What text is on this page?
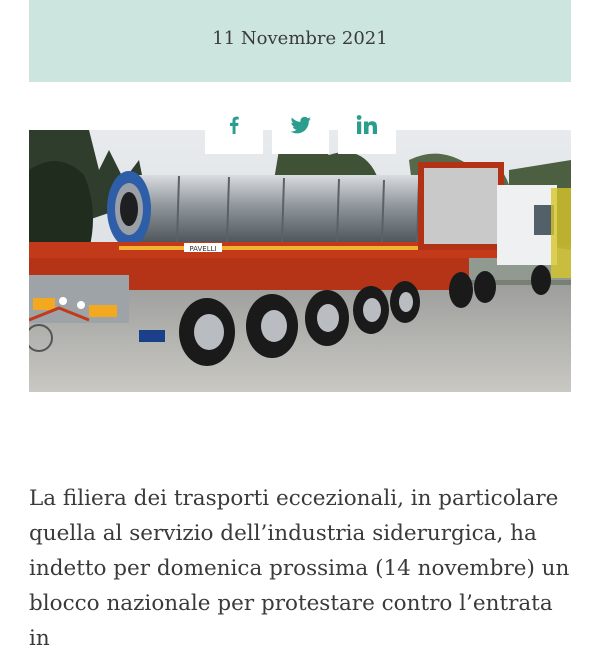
11 Novembre 2021
PAVELLI

La filiera dei trasporti eccezionali, in particolare
quella al servizio dell’industria siderurgica, ha
indetto per domenica prossima (14 novembre) un
blocco nazionale per protestare contro l’entrata in
